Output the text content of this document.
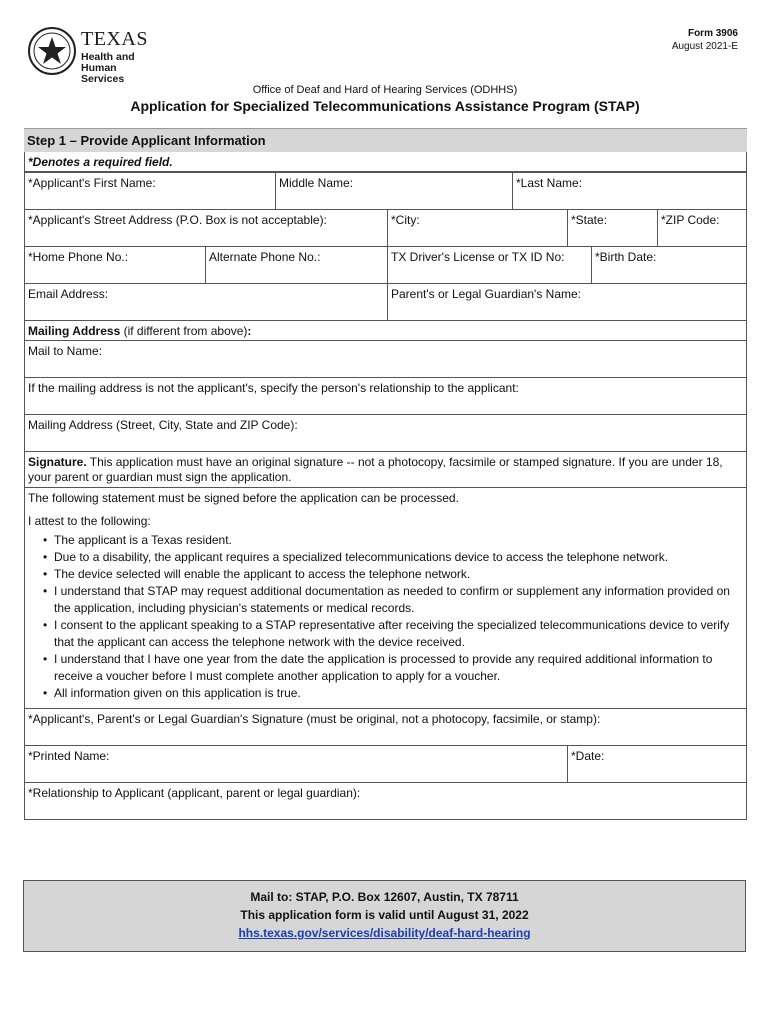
TEXAS
Health and Human
Services
Form 3906
August 2021-E
Office of Deaf and Hard of Hearing Services (ODHHS)
Application for Specialized Telecommunications Assistance Program (STAP)
Step 1 – Provide Applicant Information
*Denotes a required field.
*Applicant's First Name:	Middle Name:	*Last Name:
*Applicant's Street Address (P.O. Box is not acceptable):	*City:	*State:	*ZIP Code:
*Home Phone No.:	Alternate Phone No.:	TX Driver's License or TX ID No:	*Birth Date:
Email Address:	Parent's or Legal Guardian's Name:
Mailing Address (if different from above):
Mail to Name:
If the mailing address is not the applicant's, specify the person's relationship to the applicant:
Mailing Address (Street, City, State and ZIP Code):
Signature. This application must have an original signature -- not a photocopy, facsimile or stamped signature. If you are under 18, your parent or guardian must sign the application.

The following statement must be signed before the application can be processed.

I attest to the following:

• The applicant is a Texas resident.
• Due to a disability, the applicant requires a specialized telecommunications device to access the telephone network.
• The device selected will enable the applicant to access the telephone network.
• I understand that STAP may request additional documentation as needed to confirm or supplement any information provided on the application, including physician's statements or medical records.
• I consent to the applicant speaking to a STAP representative after receiving the specialized telecommunications device to verify that the applicant can access the telephone network with the device received.
• I understand that I have one year from the date the application is processed to provide any required additional information to receive a voucher before I must complete another application to apply for a voucher.
• All information given on this application is true.
*Applicant's, Parent's or Legal Guardian's Signature (must be original, not a photocopy, facsimile, or stamp):
*Printed Name:	*Date:
*Relationship to Applicant (applicant, parent or legal guardian):
Mail to: STAP, P.O. Box 12607, Austin, TX 78711
This application form is valid until August 31, 2022
hhs.texas.gov/services/disability/deaf-hard-hearing
